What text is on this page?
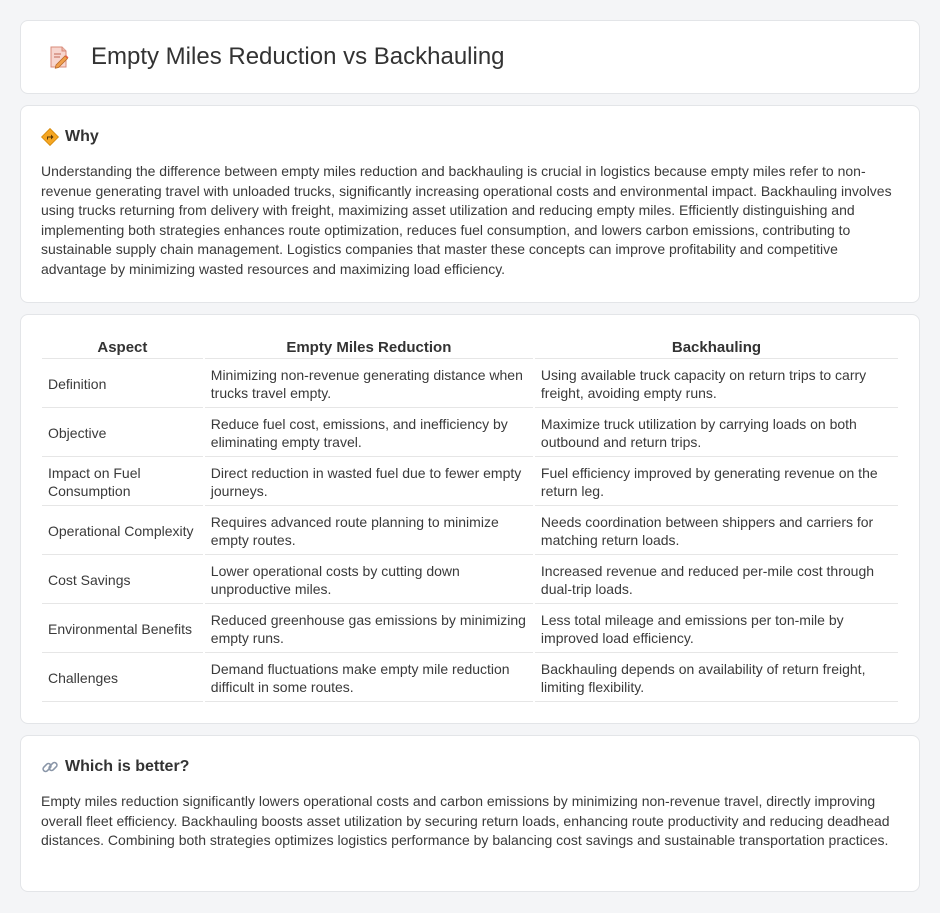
Empty Miles Reduction vs Backhauling
Why

Understanding the difference between empty miles reduction and backhauling is crucial in logistics because empty miles refer to non-revenue generating travel with unloaded trucks, significantly increasing operational costs and environmental impact. Backhauling involves using trucks returning from delivery with freight, maximizing asset utilization and reducing empty miles. Efficiently distinguishing and implementing both strategies enhances route optimization, reduces fuel consumption, and lowers carbon emissions, contributing to sustainable supply chain management. Logistics companies that master these concepts can improve profitability and competitive advantage by minimizing wasted resources and maximizing load efficiency.

Aspect	Empty Miles Reduction	Backhauling
Definition	Minimizing non-revenue generating distance when trucks travel empty.	Using available truck capacity on return trips to carry freight, avoiding empty runs.
Objective	Reduce fuel cost, emissions, and inefficiency by eliminating empty travel.	Maximize truck utilization by carrying loads on both outbound and return trips.
Impact on Fuel Consumption	Direct reduction in wasted fuel due to fewer empty journeys.	Fuel efficiency improved by generating revenue on the return leg.
Operational Complexity	Requires advanced route planning to minimize empty routes.	Needs coordination between shippers and carriers for matching return loads.
Cost Savings	Lower operational costs by cutting down unproductive miles.	Increased revenue and reduced per-mile cost through dual-trip loads.
Environmental Benefits	Reduced greenhouse gas emissions by minimizing empty runs.	Less total mileage and emissions per ton-mile by improved load efficiency.
Challenges	Demand fluctuations make empty mile reduction difficult in some routes.	Backhauling depends on availability of return freight, limiting flexibility.
Which is better?

Empty miles reduction significantly lowers operational costs and carbon emissions by minimizing non-revenue travel, directly improving overall fleet efficiency. Backhauling boosts asset utilization by securing return loads, enhancing route productivity and reducing deadhead distances. Combining both strategies optimizes logistics performance by balancing cost savings and sustainable transportation practices.
